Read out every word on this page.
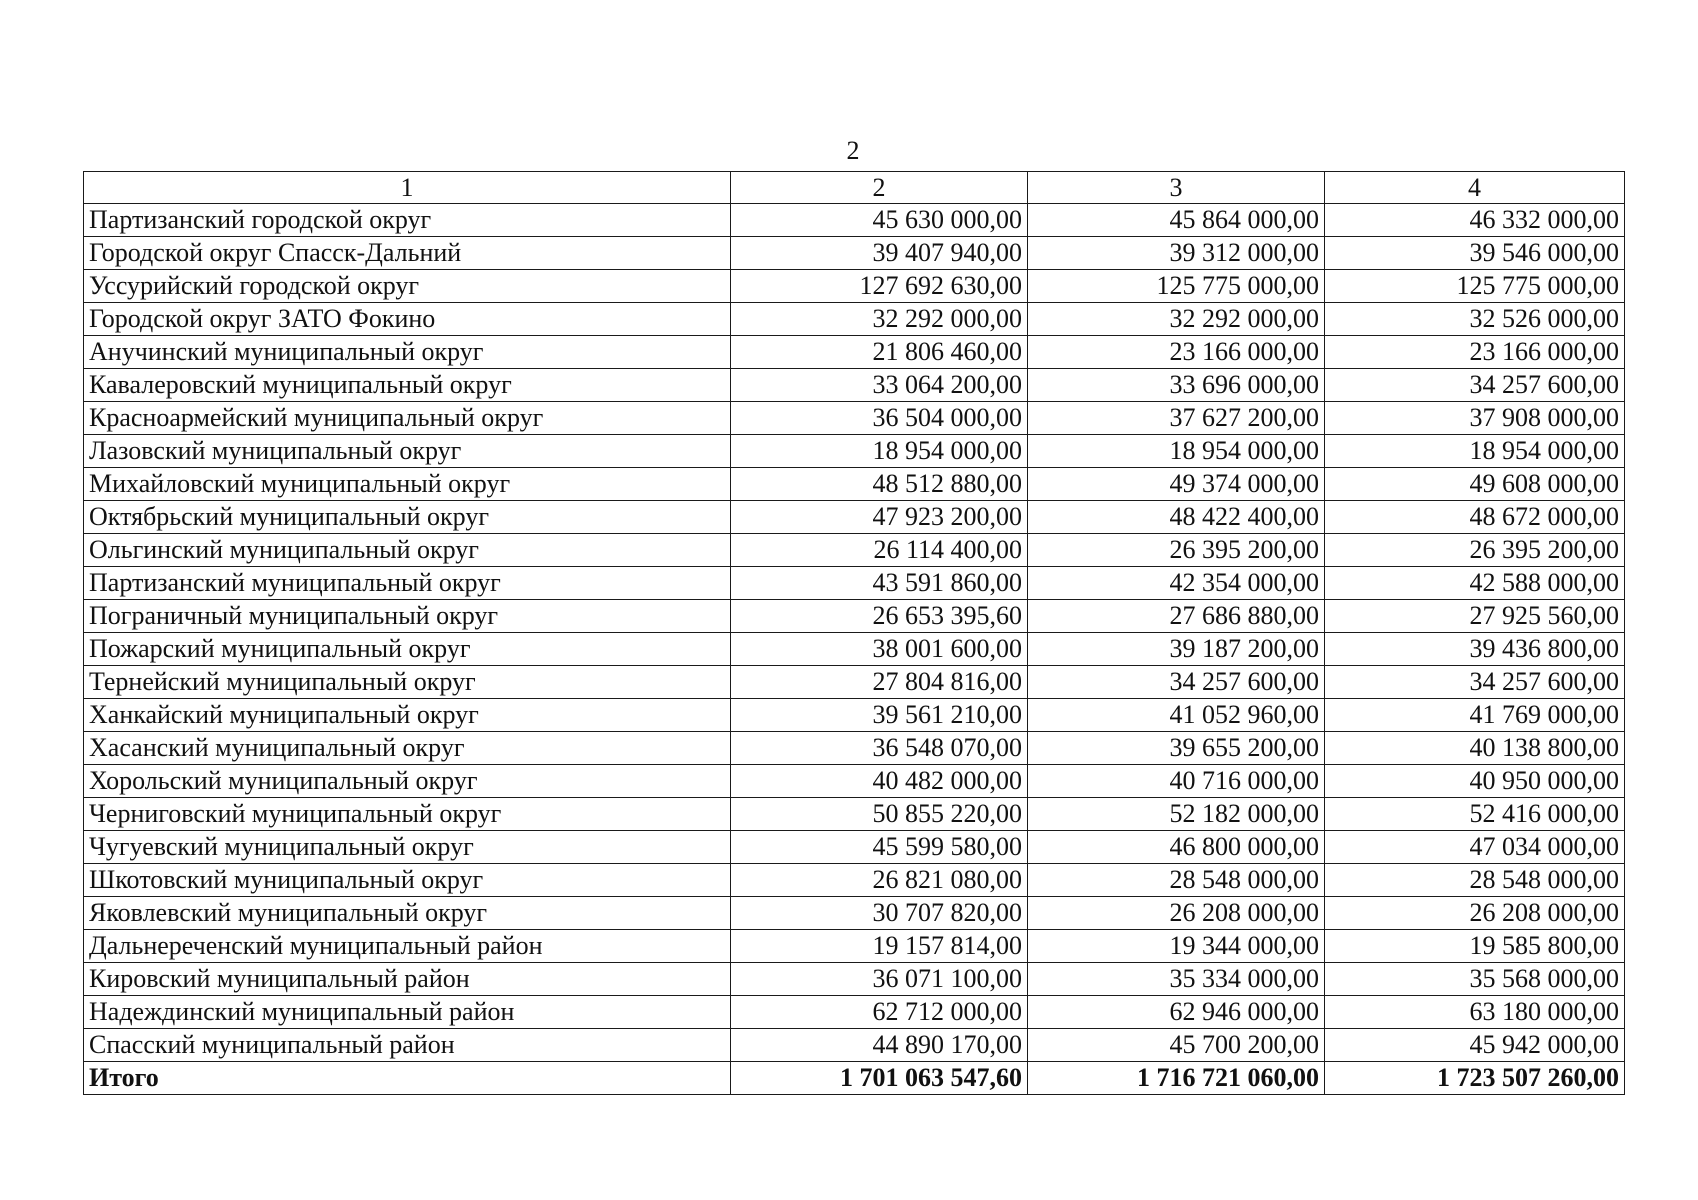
2
1	2	3	4
Партизанский городской округ	45 630 000,00	45 864 000,00	46 332 000,00
Городской округ Спасск-Дальний	39 407 940,00	39 312 000,00	39 546 000,00
Уссурийский городской округ	127 692 630,00	125 775 000,00	125 775 000,00
Городской округ ЗАТО Фокино	32 292 000,00	32 292 000,00	32 526 000,00
Анучинский муниципальный округ	21 806 460,00	23 166 000,00	23 166 000,00
Кавалеровский муниципальный округ	33 064 200,00	33 696 000,00	34 257 600,00
Красноармейский муниципальный округ	36 504 000,00	37 627 200,00	37 908 000,00
Лазовский муниципальный округ	18 954 000,00	18 954 000,00	18 954 000,00
Михайловский муниципальный округ	48 512 880,00	49 374 000,00	49 608 000,00
Октябрьский муниципальный округ	47 923 200,00	48 422 400,00	48 672 000,00
Ольгинский муниципальный округ	26 114 400,00	26 395 200,00	26 395 200,00
Партизанский муниципальный округ	43 591 860,00	42 354 000,00	42 588 000,00
Пограничный муниципальный округ	26 653 395,60	27 686 880,00	27 925 560,00
Пожарский муниципальный округ	38 001 600,00	39 187 200,00	39 436 800,00
Тернейский муниципальный округ	27 804 816,00	34 257 600,00	34 257 600,00
Ханкайский муниципальный округ	39 561 210,00	41 052 960,00	41 769 000,00
Хасанский муниципальный округ	36 548 070,00	39 655 200,00	40 138 800,00
Хорольский муниципальный округ	40 482 000,00	40 716 000,00	40 950 000,00
Черниговский муниципальный округ	50 855 220,00	52 182 000,00	52 416 000,00
Чугуевский муниципальный округ	45 599 580,00	46 800 000,00	47 034 000,00
Шкотовский муниципальный округ	26 821 080,00	28 548 000,00	28 548 000,00
Яковлевский муниципальный округ	30 707 820,00	26 208 000,00	26 208 000,00
Дальнереченский муниципальный район	19 157 814,00	19 344 000,00	19 585 800,00
Кировский муниципальный район	36 071 100,00	35 334 000,00	35 568 000,00
Надеждинский муниципальный район	62 712 000,00	62 946 000,00	63 180 000,00
Спасский муниципальный район	44 890 170,00	45 700 200,00	45 942 000,00
Итого	1 701 063 547,60	1 716 721 060,00	1 723 507 260,00
